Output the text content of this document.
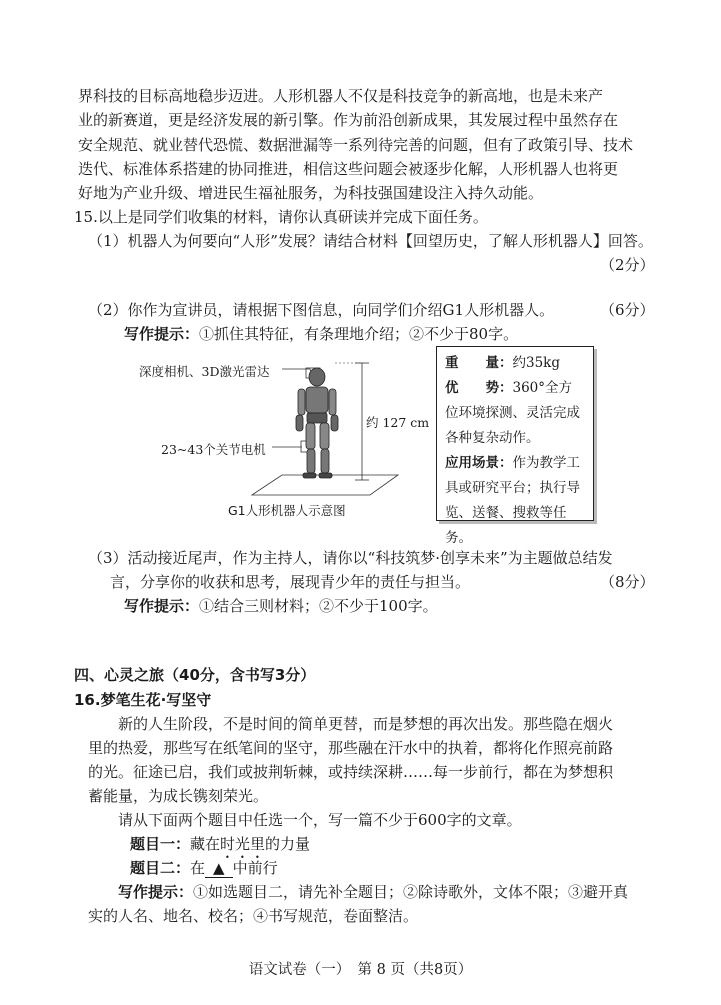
界科技的目标高地稳步迈进。人形机器人不仅是科技竞争的新高地，也是未来产
业的新赛道，更是经济发展的新引擎。作为前沿创新成果，其发展过程中虽然存在
安全规范、就业替代恐慌、数据泄漏等一系列待完善的问题，但有了政策引导、技术
迭代、标准体系搭建的协同推进，相信这些问题会被逐步化解，人形机器人也将更
好地为产业升级、增进民生福祉服务，为科技强国建设注入持久动能。
15.以上是同学们收集的材料，请你认真研读并完成下面任务。
（1）机器人为何要向“人形”发展？请结合材料【回望历史，了解人形机器人】回答。
（2分）
（2）你作为宣讲员，请根据下图信息，向同学们介绍G1人形机器人。	（6分）
写作提示：①抓住其特征，有条理地介绍；②不少于80字。
深度相机、3D激光雷达
约 127 cm
23~43个关节电机
G1人形机器人示意图
重　　量：约35kg
优　　势：360°全方位环境探测、灵活完成各种复杂动作。
应用场景：作为教学工具或研究平台；执行导览、送餐、搜救等任务。
（3）活动接近尾声，作为主持人，请你以“科技筑梦·创享未来”为主题做总结发
言，分享你的收获和思考，展现青少年的责任与担当。	（8分）
写作提示：①结合三则材料；②不少于100字。
四、心灵之旅（40分，含书写3分）
16.梦笔生花·写坚守
新的人生阶段，不是时间的简单更替，而是梦想的再次出发。那些隐在烟火
里的热爱，那些写在纸笔间的坚守，那些融在汗水中的执着，都将化作照亮前路
的光。征途已启，我们或披荆斩棘，或持续深耕……每一步前行，都在为梦想积
蓄能量，为成长镌刻荣光。
请从下面两个题目中任选一个，写一篇不少于600字的文章。
题目一：藏在时光里的力量
题目二：在 ▲ 中前行
写作提示：①如选题目二，请先补全题目；②除诗歌外，文体不限；③避开真
实的人名、地名、校名；④书写规范，卷面整洁。
语文试卷（一）　第 8 页（共8页）
